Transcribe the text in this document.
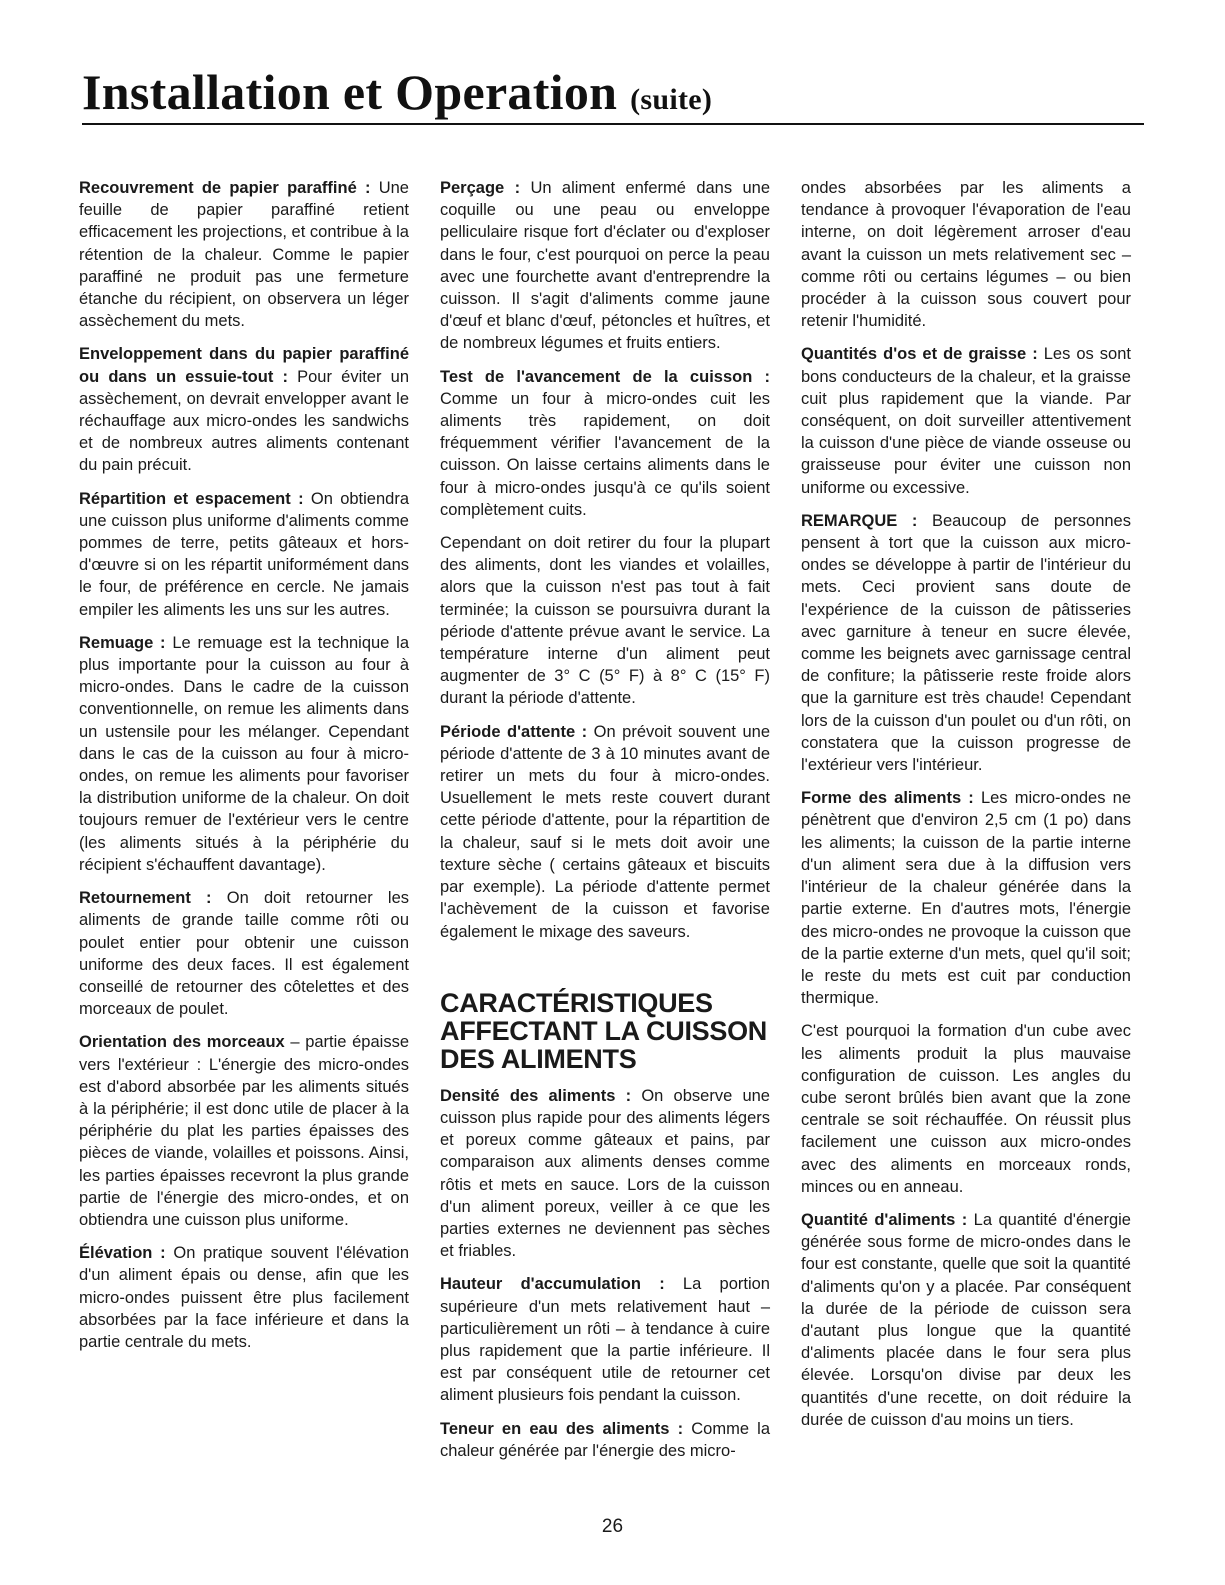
Installation et Operation (suite)

Recouvrement de papier paraffiné : Une feuille de papier paraffiné retient efficacement les projections, et contribue à la rétention de la chaleur. Comme le papier paraffiné ne produit pas une fermeture étanche du récipient, on observera un léger assèchement du mets.

Enveloppement dans du papier paraffiné ou dans un essuie-tout : Pour éviter un assèchement, on devrait envelopper avant le réchauffage aux micro-ondes les sandwichs et de nombreux autres aliments contenant du pain précuit.

Répartition et espacement : On obtiendra une cuisson plus uniforme d'aliments comme pommes de terre, petits gâteaux et hors-d'œuvre si on les répartit uniformément dans le four, de préférence en cercle. Ne jamais empiler les aliments les uns sur les autres.

Remuage : Le remuage est la technique la plus importante pour la cuisson au four à micro-ondes. Dans le cadre de la cuisson conventionnelle, on remue les aliments dans un ustensile pour les mélanger. Cependant dans le cas de la cuisson au four à micro-ondes, on remue les aliments pour favoriser la distribution uniforme de la chaleur. On doit toujours remuer de l'extérieur vers le centre (les aliments situés à la périphérie du récipient s'échauffent davantage).

Retournement : On doit retourner les aliments de grande taille comme rôti ou poulet entier pour obtenir une cuisson uniforme des deux faces. Il est également conseillé de retourner des côtelettes et des morceaux de poulet.

Orientation des morceaux – partie épaisse vers l'extérieur : L'énergie des micro-ondes est d'abord absorbée par les aliments situés à la périphérie; il est donc utile de placer à la périphérie du plat les parties épaisses des pièces de viande, volailles et poissons. Ainsi, les parties épaisses recevront la plus grande partie de l'énergie des micro-ondes, et on obtiendra une cuisson plus uniforme.

Élévation : On pratique souvent l'élévation d'un aliment épais ou dense, afin que les micro-ondes puissent être plus facilement absorbées par la face inférieure et dans la partie centrale du mets.

Perçage : Un aliment enfermé dans une coquille ou une peau ou enveloppe pelliculaire risque fort d'éclater ou d'exploser dans le four, c'est pourquoi on perce la peau avec une fourchette avant d'entreprendre la cuisson. Il s'agit d'aliments comme jaune d'œuf et blanc d'œuf, pétoncles et huîtres, et de nombreux légumes et fruits entiers.

Test de l'avancement de la cuisson : Comme un four à micro-ondes cuit les aliments très rapidement, on doit fréquemment vérifier l'avancement de la cuisson. On laisse certains aliments dans le four à micro-ondes jusqu'à ce qu'ils soient complètement cuits.

Cependant on doit retirer du four la plupart des aliments, dont les viandes et volailles, alors que la cuisson n'est pas tout à fait terminée; la cuisson se poursuivra durant la période d'attente prévue avant le service. La température interne d'un aliment peut augmenter de 3° C (5° F) à 8° C (15° F) durant la période d'attente.

Période d'attente : On prévoit souvent une période d'attente de 3 à 10 minutes avant de retirer un mets du four à micro-ondes. Usuellement le mets reste couvert durant cette période d'attente, pour la répartition de la chaleur, sauf si le mets doit avoir une texture sèche ( certains gâteaux et biscuits par exemple). La période d'attente permet l'achèvement de la cuisson et favorise également le mixage des saveurs.

CARACTÉRISTIQUES AFFECTANT LA CUISSON DES ALIMENTS

Densité des aliments : On observe une cuisson plus rapide pour des aliments légers et poreux comme gâteaux et pains, par comparaison aux aliments denses comme rôtis et mets en sauce. Lors de la cuisson d'un aliment poreux, veiller à ce que les parties externes ne deviennent pas sèches et friables.

Hauteur d'accumulation : La portion supérieure d'un mets relativement haut – particulièrement un rôti – à tendance à cuire plus rapidement que la partie inférieure. Il est par conséquent utile de retourner cet aliment plusieurs fois pendant la cuisson.

Teneur en eau des aliments : Comme la chaleur générée par l'énergie des micro-

ondes absorbées par les aliments a tendance à provoquer l'évaporation de l'eau interne, on doit légèrement arroser d'eau avant la cuisson un mets relativement sec – comme rôti ou certains légumes – ou bien procéder à la cuisson sous couvert pour retenir l'humidité.

Quantités d'os et de graisse : Les os sont bons conducteurs de la chaleur, et la graisse cuit plus rapidement que la viande. Par conséquent, on doit surveiller attentivement la cuisson d'une pièce de viande osseuse ou graisseuse pour éviter une cuisson non uniforme ou excessive.

REMARQUE : Beaucoup de personnes pensent à tort que la cuisson aux micro-ondes se développe à partir de l'intérieur du mets. Ceci provient sans doute de l'expérience de la cuisson de pâtisseries avec garniture à teneur en sucre élevée, comme les beignets avec garnissage central de confiture; la pâtisserie reste froide alors que la garniture est très chaude! Cependant lors de la cuisson d'un poulet ou d'un rôti, on constatera que la cuisson progresse de l'extérieur vers l'intérieur.

Forme des aliments : Les micro-ondes ne pénètrent que d'environ 2,5 cm (1 po) dans les aliments; la cuisson de la partie interne d'un aliment sera due à la diffusion vers l'intérieur de la chaleur générée dans la partie externe. En d'autres mots, l'énergie des micro-ondes ne provoque la cuisson que de la partie externe d'un mets, quel qu'il soit; le reste du mets est cuit par conduction thermique.

C'est pourquoi la formation d'un cube avec les aliments produit la plus mauvaise configuration de cuisson. Les angles du cube seront brûlés bien avant que la zone centrale se soit réchauffée. On réussit plus facilement une cuisson aux micro-ondes avec des aliments en morceaux ronds, minces ou en anneau.

Quantité d'aliments : La quantité d'énergie générée sous forme de micro-ondes dans le four est constante, quelle que soit la quantité d'aliments qu'on y a placée. Par conséquent la durée de la période de cuisson sera d'autant plus longue que la quantité d'aliments placée dans le four sera plus élevée. Lorsqu'on divise par deux les quantités d'une recette, on doit réduire la durée de cuisson d'au moins un tiers.

26
